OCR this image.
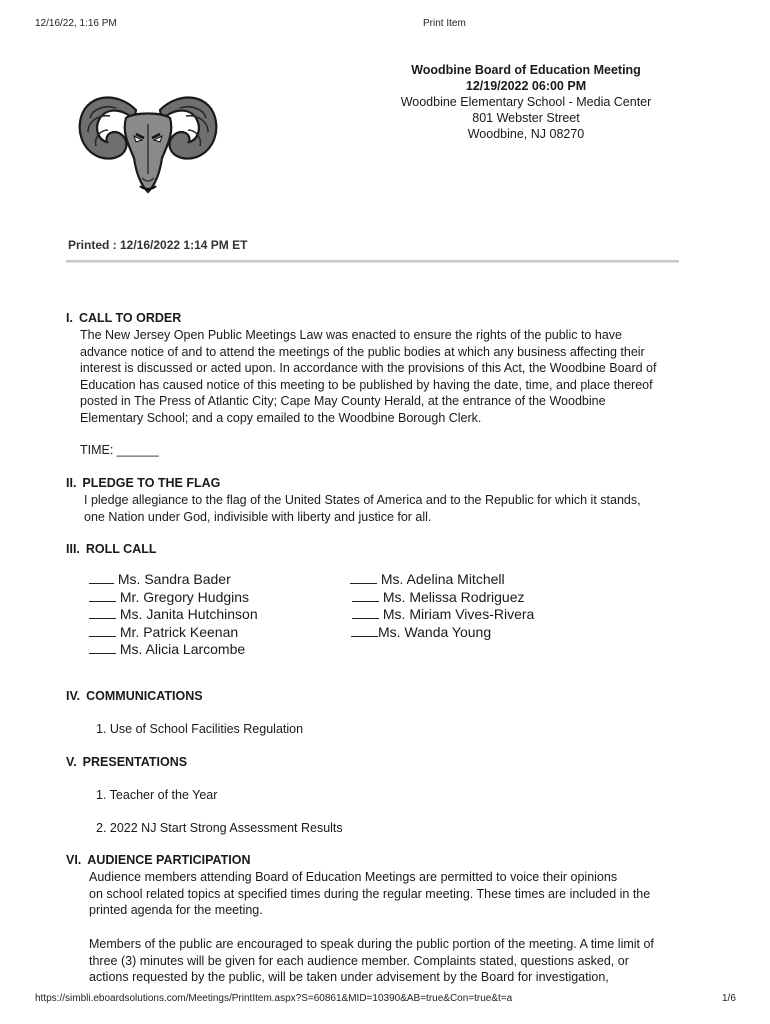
12/16/22, 1:16 PM	Print Item
Woodbine Board of Education Meeting
12/19/2022 06:00 PM
Woodbine Elementary School - Media Center
801 Webster Street
Woodbine, NJ 08270
Printed : 12/16/2022 1:14 PM ET
I. CALL TO ORDER
The New Jersey Open Public Meetings Law was enacted to ensure the rights of the public to have
advance notice of and to attend the meetings of the public bodies at which any business affecting their
interest is discussed or acted upon. In accordance with the provisions of this Act, the Woodbine Board of
Education has caused notice of this meeting to be published by having the date, time, and place thereof
posted in The Press of Atlantic City; Cape May County Herald, at the entrance of the Woodbine
Elementary School; and a copy emailed to the Woodbine Borough Clerk.
TIME: ______
II. PLEDGE TO THE FLAG
I pledge allegiance to the flag of the United States of America and to the Republic for which it stands,
one Nation under God, indivisible with liberty and justice for all.
III. ROLL CALL
Ms. Sandra Bader
Mr. Gregory Hudgins
Ms. Janita Hutchinson
Mr. Patrick Keenan
Ms. Alicia Larcombe
Ms. Adelina Mitchell
Ms. Melissa Rodriguez
Ms. Miriam Vives-Rivera
Ms. Wanda Young
IV. COMMUNICATIONS
1. Use of School Facilities Regulation
V. PRESENTATIONS
1. Teacher of the Year
2. 2022 NJ Start Strong Assessment Results
VI. AUDIENCE PARTICIPATION
Audience members attending Board of Education Meetings are permitted to voice their opinions
on school related topics at specified times during the regular meeting. These times are included in the
printed agenda for the meeting.
Members of the public are encouraged to speak during the public portion of the meeting. A time limit of
three (3) minutes will be given for each audience member. Complaints stated, questions asked, or
actions requested by the public, will be taken under advisement by the Board for investigation,
https://simbli.eboardsolutions.com/Meetings/PrintItem.aspx?S=60861&MID=10390&AB=true&Con=true&t=a	1/6
